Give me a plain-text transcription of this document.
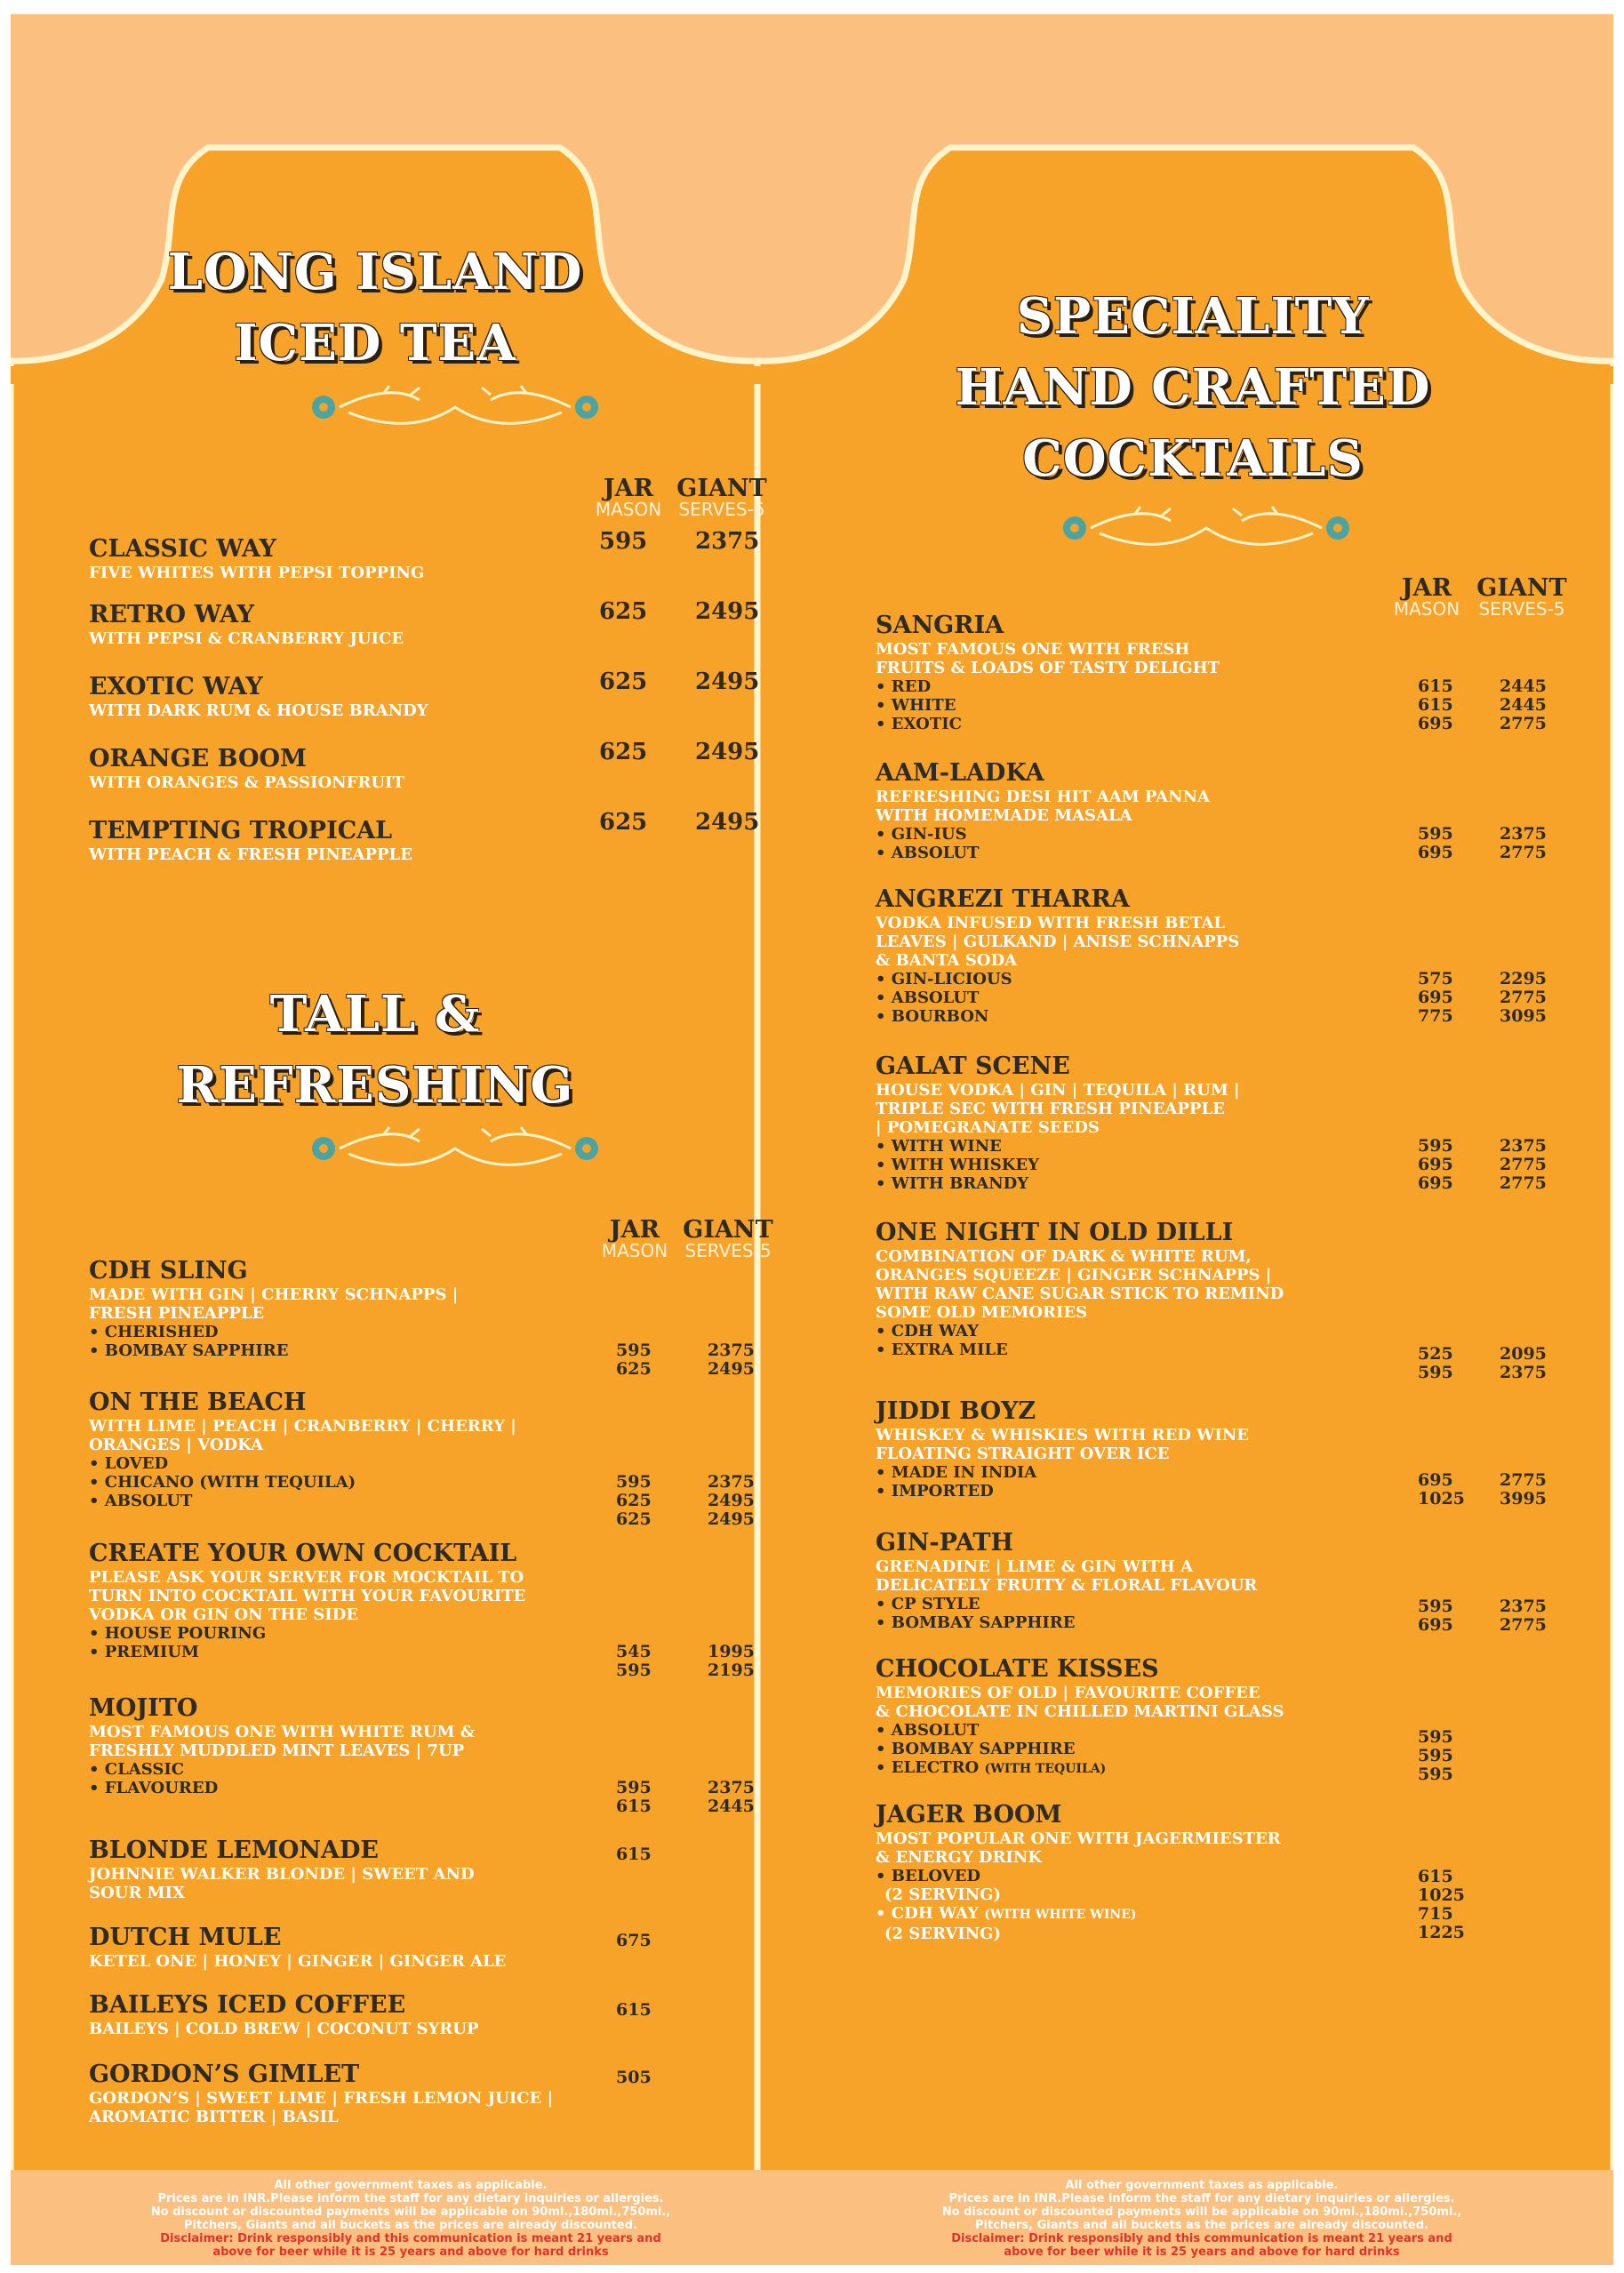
LONG ISLAND
ICED TEA
JAR
MASON
GIANT
SERVES-5
CLASSIC WAY
FIVE WHITES WITH PEPSI TOPPING
595 2375
RETRO WAY
WITH PEPSI & CRANBERRY JUICE
625 2495
EXOTIC WAY
WITH DARK RUM & HOUSE BRANDY
625 2495
ORANGE BOOM
WITH ORANGES & PASSIONFRUIT
625 2495
TEMPTING TROPICAL
WITH PEACH & FRESH PINEAPPLE
625 2495
TALL &
REFRESHING
JAR
MASON
GIANT
SERVES-5
CDH SLING
MADE WITH GIN | CHERRY SCHNAPPS |
FRESH PINEAPPLE
• CHERISHED
• BOMBAY SAPPHIRE	595	2375
625	2495
ON THE BEACH
WITH LIME | PEACH | CRANBERRY | CHERRY |
ORANGES | VODKA
• LOVED
• CHICANO (WITH TEQUILA)
• ABSOLUT
595	2375
625	2495
625	2495
CREATE YOUR OWN COCKTAIL
PLEASE ASK YOUR SERVER FOR MOCKTAIL TO
TURN INTO COCKTAIL WITH YOUR FAVOURITE
VODKA OR GIN ON THE SIDE
• HOUSE POURING
• PREMIUM	545	1995
595	2195
MOJITO
MOST FAMOUS ONE WITH WHITE RUM &
FRESHLY MUDDLED MINT LEAVES | 7UP
• CLASSIC
• FLAVOURED	595	2375
615	2445
BLONDE LEMONADE
JOHNNIE WALKER BLONDE | SWEET AND
SOUR MIX
615
DUTCH MULE
KETEL ONE | HONEY | GINGER | GINGER ALE
675
BAILEYS ICED COFFEE
BAILEYS | COLD BREW | COCONUT SYRUP
615
GORDON’S GIMLET
GORDON’S | SWEET LIME | FRESH LEMON JUICE |
AROMATIC BITTER | BASIL
505
SPECIALITY
HAND CRAFTED
COCKTAILS
JAR
MASON
GIANT
SERVES-5
SANGRIA
MOST FAMOUS ONE WITH FRESH
FRUITS & LOADS OF TASTY DELIGHT
• RED
• WHITE
• EXOTIC
615	2445
615	2445
695	2775
AAM-LADKA
REFRESHING DESI HIT AAM PANNA
WITH HOMEMADE MASALA
• GIN-IUS
• ABSOLUT
595	2375
695	2775
ANGREZI THARRA
VODKA INFUSED WITH FRESH BETAL
LEAVES | GULKAND | ANISE SCHNAPPS
& BANTA SODA
• GIN-LICIOUS
• ABSOLUT
• BOURBON
575	2295
695	2775
775	3095
GALAT SCENE
HOUSE VODKA | GIN | TEQUILA | RUM |
TRIPLE SEC WITH FRESH PINEAPPLE
| POMEGRANATE SEEDS
• WITH WINE
• WITH WHISKEY
• WITH BRANDY
595	2375
695	2775
695	2775
ONE NIGHT IN OLD DILLI
COMBINATION OF DARK & WHITE RUM,
ORANGES SQUEEZE | GINGER SCHNAPPS |
WITH RAW CANE SUGAR STICK TO REMIND
SOME OLD MEMORIES
• CDH WAY
• EXTRA MILE	525	2095
595	2375
JIDDI BOYZ
WHISKEY & WHISKIES WITH RED WINE
FLOATING STRAIGHT OVER ICE
• MADE IN INDIA
• IMPORTED
695	2775
1025 3995
GIN-PATH
GRENADINE | LIME & GIN WITH A
DELICATELY FRUITY & FLORAL FLAVOUR
• CP STYLE
• BOMBAY SAPPHIRE
595	2375
695	2775
CHOCOLATE KISSES
MEMORIES OF OLD | FAVOURITE COFFEE
& CHOCOLATE IN CHILLED MARTINI GLASS
• ABSOLUT
• BOMBAY SAPPHIRE
• ELECTRO (WITH TEQUILA)
595
595
595
JAGER BOOM
MOST POPULAR ONE WITH JAGERMIESTER
& ENERGY DRINK
• BELOVED
(2 SERVING)
• CDH WAY (WITH WHITE WINE)
(2 SERVING)
615
1025
715
1225
All other government taxes as applicable.
Prices are in INR.Please inform the staff for any dietary inquiries or allergies.
No discount or discounted payments will be applicable on 90ml.,180ml.,750ml.,
Pitchers, Giants and all buckets as the prices are already discounted.
Disclaimer: Drink responsibly and this communication is meant 21 years and
above for beer while it is 25 years and above for hard drinks
All other government taxes as applicable.
Prices are in INR.Please inform the staff for any dietary inquiries or allergies.
No discount or discounted payments will be applicable on 90ml.,180ml.,750ml.,
Pitchers, Giants and all buckets as the prices are already discounted.
Disclaimer: Drink responsibly and this communication is meant 21 years and
above for beer while it is 25 years and above for hard drinks
